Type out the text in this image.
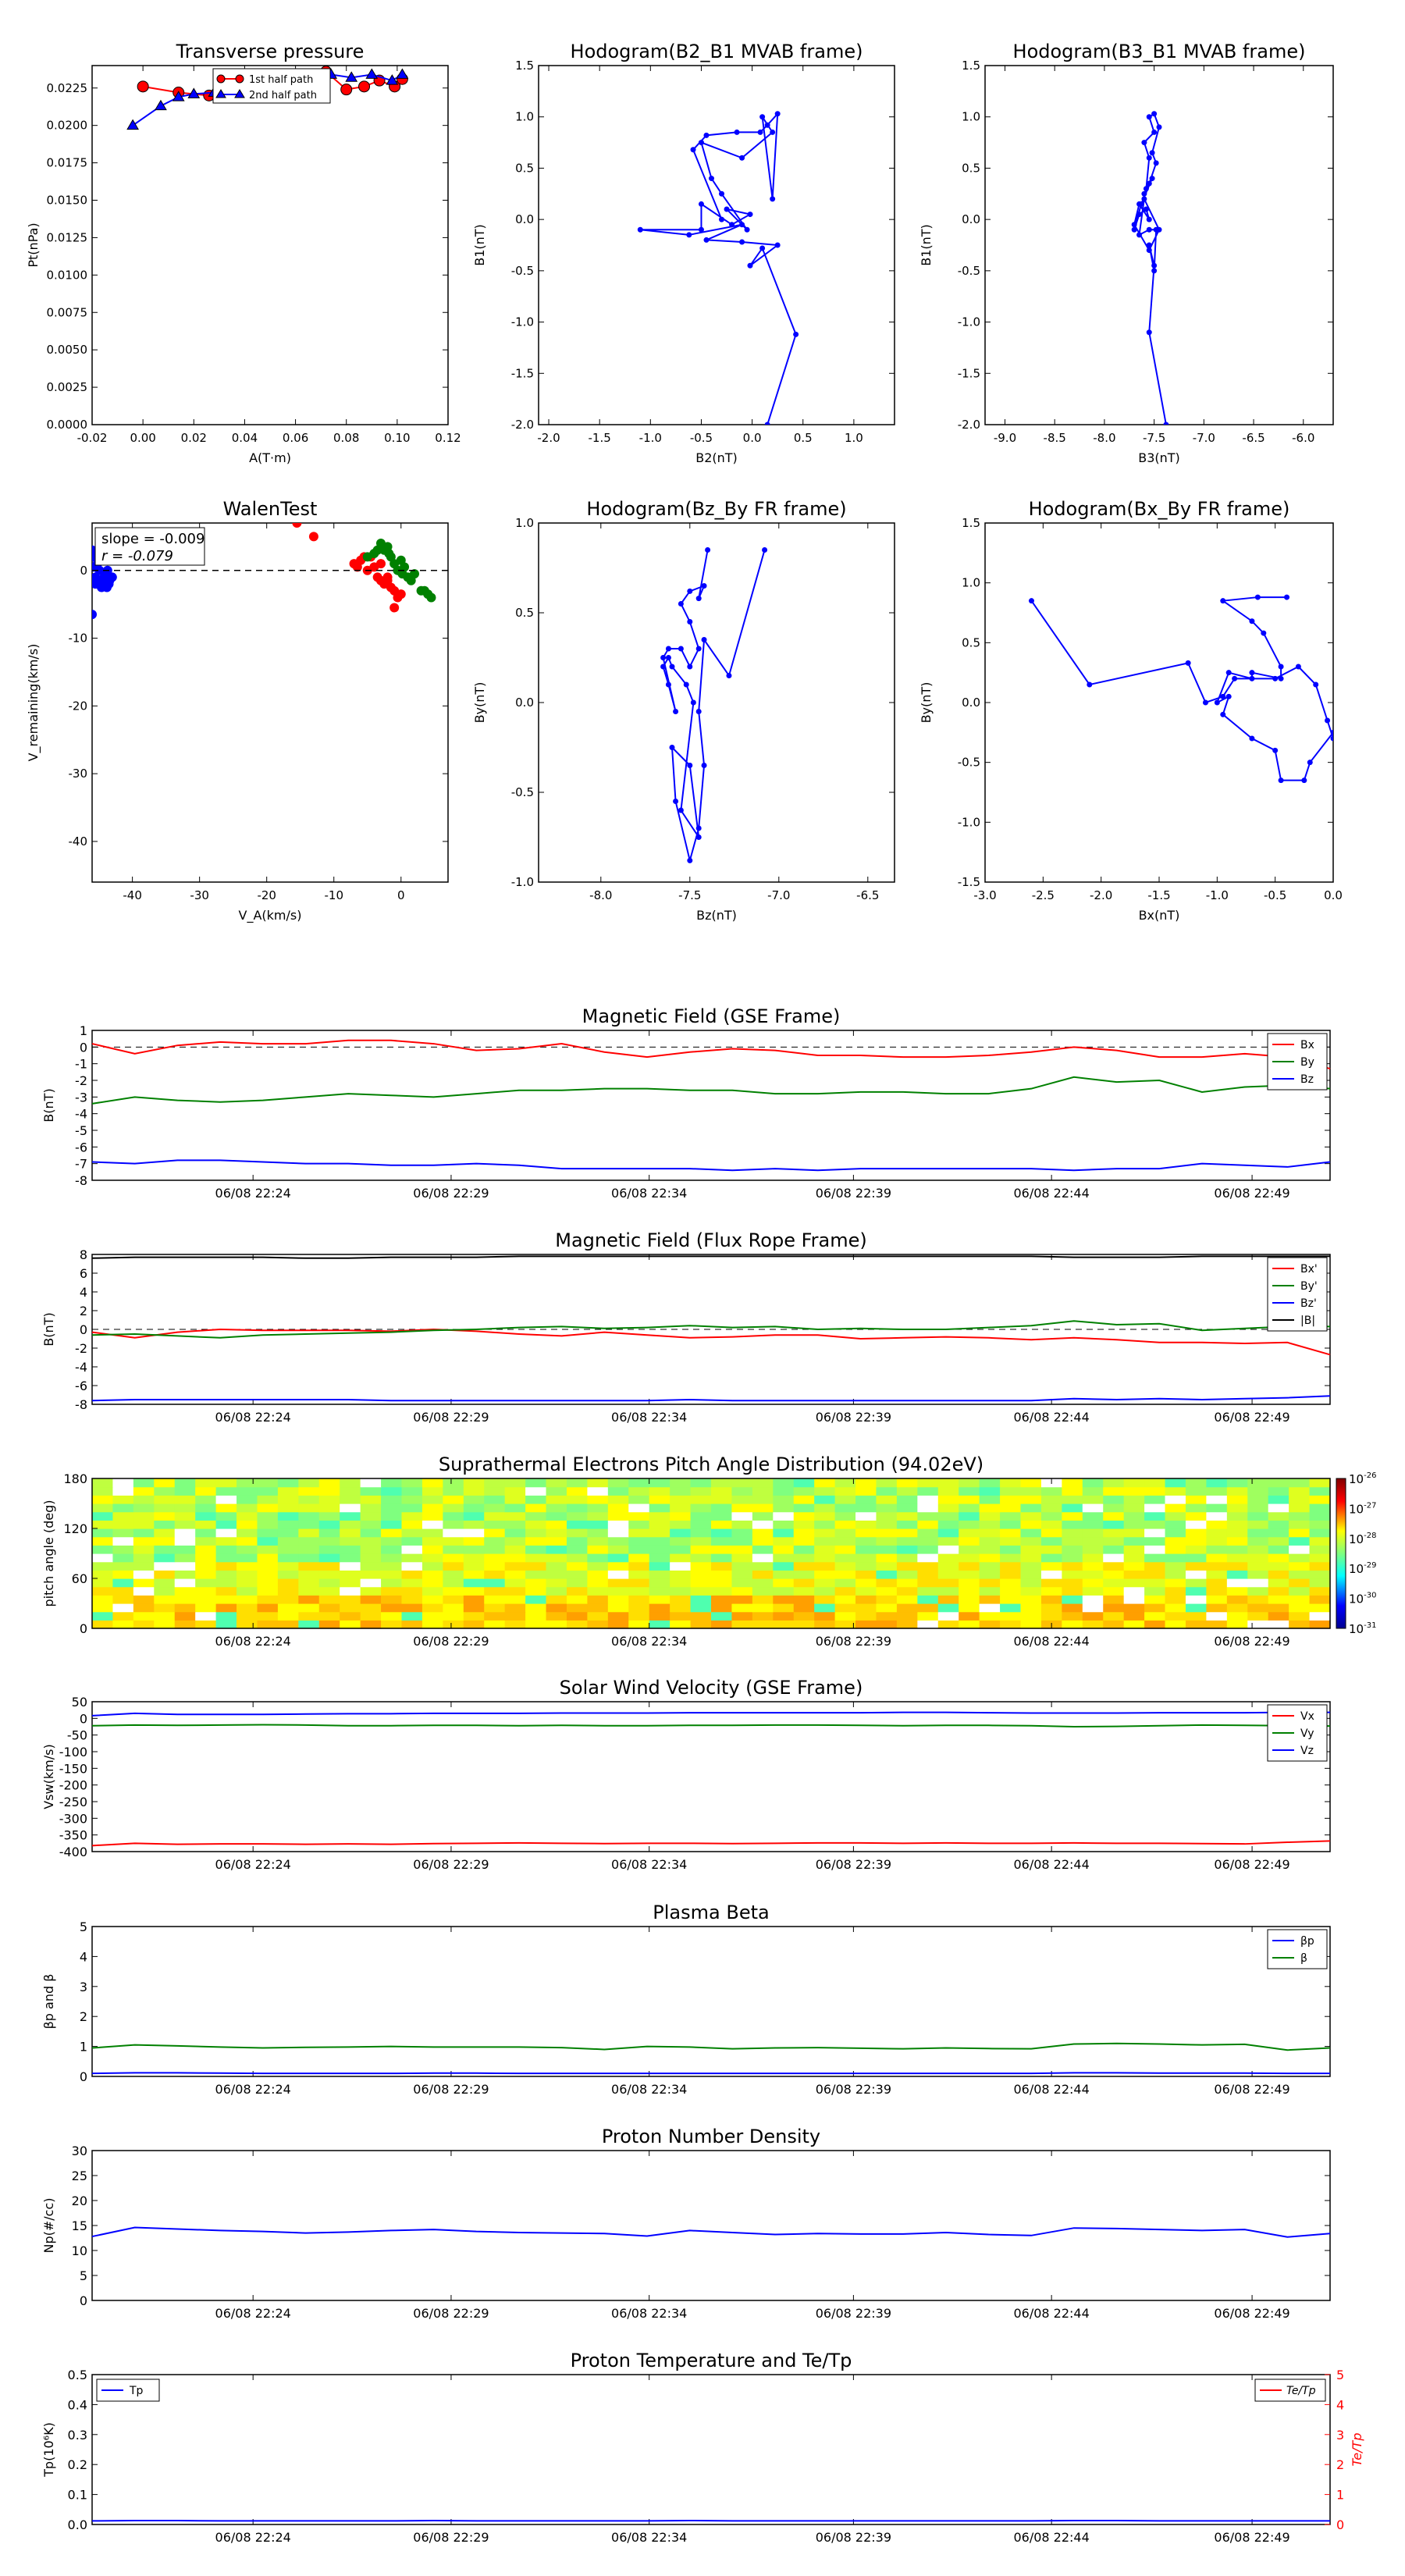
Transverse pressure
-0.02 0.00 0.02 0.04 0.06 0.08 0.10 0.12
0.0000
0.0025
0.0050
0.0075
0.0100
0.0125
0.0150
0.0175
0.0200
0.0225
A(T·m)
Pt(nPa)
1st half path
2nd half path
Hodogram(B2_B1 MVAB frame)
-2.0 -1.5 -1.0 -0.5	0.0	0.5	1.0
-2.0
-1.5
-1.0
-0.5
0.0
0.5
1.0
1.5
B2(nT)
B1(nT)
Hodogram(B3_B1 MVAB frame)
-9.0 -8.5 -8.0 -7.5 -7.0 -6.5 -6.0
-2.0
-1.5
-1.0
-0.5
0.0
0.5
1.0
1.5
B3(nT)
B1(nT)
WalenTest
-40	-30	-20	-10	0
-40
-30
-20
-10
0
V_A(km/s)
V_remaining(km/s)
slope = -0.009
r = -0.079
Hodogram(Bz_By FR frame)
-8.0	-7.5	-7.0	-6.5
-1.0
-0.5
0.0
0.5
1.0
Bz(nT)
By(nT)
Hodogram(Bx_By FR frame)
-3.0	-2.5	-2.0	-1.5	-1.0	-0.5	0.0
-1.5
-1.0
-0.5
0.0
0.5
1.0
1.5
Bx(nT)
By(nT)
Magnetic Field (GSE Frame)
06/08 22:24	06/08 22:29	06/08 22:34	06/08 22:39	06/08 22:44	06/08 22:49
1
0
-1
-2
-3
-4
-5
-6
-7
-8
B(nT)
Bx
By
Bz
Magnetic Field (Flux Rope Frame)
06/08 22:24	06/08 22:29	06/08 22:34	06/08 22:39	06/08 22:44	06/08 22:49
8
6
4
2
0
-2
-4
-6
-8
B(nT)
Bx'
By'
Bz'
|B|
Suprathermal Electrons Pitch Angle Distribution (94.02eV)
06/08 22:24	06/08 22:29	06/08 22:34	06/08 22:39	06/08 22:44	06/08 22:49
0
60
120
180
pitch angle (deg)
$10^{-26}$
$10^{-27}$
$10^{-28}$
$10^{-29}$
$10^{-30}$
$10^{-31}$
Solar Wind Velocity (GSE Frame)
06/08 22:24	06/08 22:29	06/08 22:34	06/08 22:39	06/08 22:44	06/08 22:49
50
0
-50
-100
-150
-200
-250
-300
-350
-400
Vsw(km/s)
Vx
Vy
Vz
Plasma Beta
06/08 22:24	06/08 22:29	06/08 22:34	06/08 22:39	06/08 22:44	06/08 22:49
5
4
3
2
1
0
βp and β
βp
β
Proton Number Density
06/08 22:24	06/08 22:29	06/08 22:34	06/08 22:39	06/08 22:44	06/08 22:49
30
25
20
15
10
5
0
Np(#/cc)
Proton Temperature and Te/Tp
06/08 22:24	06/08 22:29	06/08 22:34	06/08 22:39	06/08 22:44	06/08 22:49
0.5
0.4
0.3
0.2
0.1
0.0
Tp(10⁶K)
5
4
3
2
1
0
Te/Tp
Tp	Te/Tp
